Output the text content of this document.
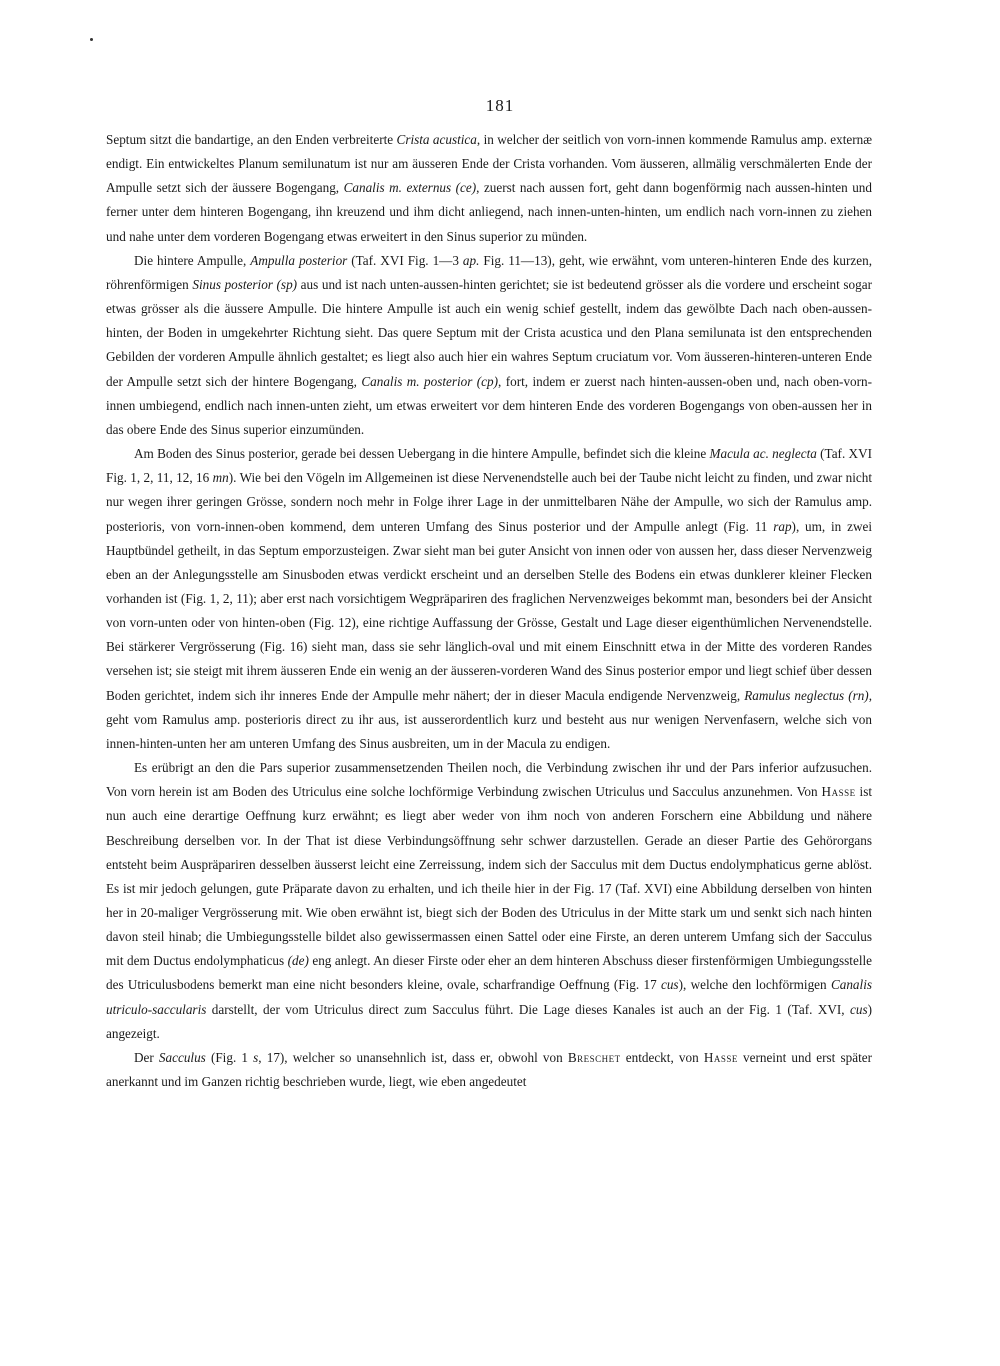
181

Septum sitzt die bandartige, an den Enden verbreiterte Crista acustica, in welcher der seitlich von vorn-innen kommende Ramulus amp. externæ endigt. Ein entwickeltes Planum semilunatum ist nur am äusseren Ende der Crista vorhanden. Vom äusseren, allmälig verschmälerten Ende der Ampulle setzt sich der äussere Bogengang, Canalis m. externus (ce), zuerst nach aussen fort, geht dann bogenförmig nach aussen-hinten und ferner unter dem hinteren Bogengang, ihn kreuzend und ihm dicht anliegend, nach innen-unten-hinten, um endlich nach vorn-innen zu ziehen und nahe unter dem vorderen Bogengang etwas erweitert in den Sinus superior zu münden.

Die hintere Ampulle, Ampulla posterior (Taf. XVI Fig. 1—3 ap. Fig. 11—13), geht, wie erwähnt, vom unteren-hinteren Ende des kurzen, röhrenförmigen Sinus posterior (sp) aus und ist nach unten-aussen-hinten gerichtet; sie ist bedeutend grösser als die vordere und erscheint sogar etwas grösser als die äussere Ampulle. Die hintere Ampulle ist auch ein wenig schief gestellt, indem das gewölbte Dach nach oben-aussen-hinten, der Boden in umgekehrter Richtung sieht. Das quere Septum mit der Crista acustica und den Plana semilunata ist den entsprechenden Gebilden der vorderen Ampulle ähnlich gestaltet; es liegt also auch hier ein wahres Septum cruciatum vor. Vom äusseren-hinteren-unteren Ende der Ampulle setzt sich der hintere Bogengang, Canalis m. posterior (cp), fort, indem er zuerst nach hinten-aussen-oben und, nach oben-vorn-innen umbiegend, endlich nach innen-unten zieht, um etwas erweitert vor dem hinteren Ende des vorderen Bogengangs von oben-aussen her in das obere Ende des Sinus superior einzumünden.

Am Boden des Sinus posterior, gerade bei dessen Uebergang in die hintere Ampulle, befindet sich die kleine Macula ac. neglecta (Taf. XVI Fig. 1, 2, 11, 12, 16 mn). Wie bei den Vögeln im Allgemeinen ist diese Nervenendstelle auch bei der Taube nicht leicht zu finden, und zwar nicht nur wegen ihrer geringen Grösse, sondern noch mehr in Folge ihrer Lage in der unmittelbaren Nähe der Ampulle, wo sich der Ramulus amp. posterioris, von vorn-innen-oben kommend, dem unteren Umfang des Sinus posterior und der Ampulle anlegt (Fig. 11 rap), um, in zwei Hauptbündel getheilt, in das Septum emporzusteigen. Zwar sieht man bei guter Ansicht von innen oder von aussen her, dass dieser Nervenzweig eben an der Anlegungsstelle am Sinusboden etwas verdickt erscheint und an derselben Stelle des Bodens ein etwas dunklerer kleiner Flecken vorhanden ist (Fig. 1, 2, 11); aber erst nach vorsichtigem Wegpräpariren des fraglichen Nervenzweiges bekommt man, besonders bei der Ansicht von vorn-unten oder von hinten-oben (Fig. 12), eine richtige Auffassung der Grösse, Gestalt und Lage dieser eigenthümlichen Nervenendstelle. Bei stärkerer Vergrösserung (Fig. 16) sieht man, dass sie sehr länglich-oval und mit einem Einschnitt etwa in der Mitte des vorderen Randes versehen ist; sie steigt mit ihrem äusseren Ende ein wenig an der äusseren-vorderen Wand des Sinus posterior empor und liegt schief über dessen Boden gerichtet, indem sich ihr inneres Ende der Ampulle mehr nähert; der in dieser Macula endigende Nervenzweig, Ramulus neglectus (rn), geht vom Ramulus amp. posterioris direct zu ihr aus, ist ausserordentlich kurz und besteht aus nur wenigen Nervenfasern, welche sich von innen-hinten-unten her am unteren Umfang des Sinus ausbreiten, um in der Macula zu endigen.

Es erübrigt an den die Pars superior zusammensetzenden Theilen noch, die Verbindung zwischen ihr und der Pars inferior aufzusuchen. Von vorn herein ist am Boden des Utriculus eine solche lochförmige Verbindung zwischen Utriculus und Sacculus anzunehmen. Von Hasse ist nun auch eine derartige Oeffnung kurz erwähnt; es liegt aber weder von ihm noch von anderen Forschern eine Abbildung und nähere Beschreibung derselben vor. In der That ist diese Verbindungsöffnung sehr schwer darzustellen. Gerade an dieser Partie des Gehörorgans entsteht beim Auspräpariren desselben äusserst leicht eine Zerreissung, indem sich der Sacculus mit dem Ductus endolymphaticus gerne ablöst. Es ist mir jedoch gelungen, gute Präparate davon zu erhalten, und ich theile hier in der Fig. 17 (Taf. XVI) eine Abbildung derselben von hinten her in 20-maliger Vergrösserung mit. Wie oben erwähnt ist, biegt sich der Boden des Utriculus in der Mitte stark um und senkt sich nach hinten davon steil hinab; die Umbiegungsstelle bildet also gewissermassen einen Sattel oder eine Firste, an deren unterem Umfang sich der Sacculus mit dem Ductus endolymphaticus (de) eng anlegt. An dieser Firste oder eher an dem hinteren Abschuss dieser firstenförmigen Umbiegungsstelle des Utriculusbodens bemerkt man eine nicht besonders kleine, ovale, scharfrandige Oeffnung (Fig. 17 cus), welche den lochförmigen Canalis utriculo-saccularis darstellt, der vom Utriculus direct zum Sacculus führt. Die Lage dieses Kanales ist auch an der Fig. 1 (Taf. XVI, cus) angezeigt.

Der Sacculus (Fig. 1 s, 17), welcher so unansehnlich ist, dass er, obwohl von Breschet entdeckt, von Hasse verneint und erst später anerkannt und im Ganzen richtig beschrieben wurde, liegt, wie eben angedeutet
